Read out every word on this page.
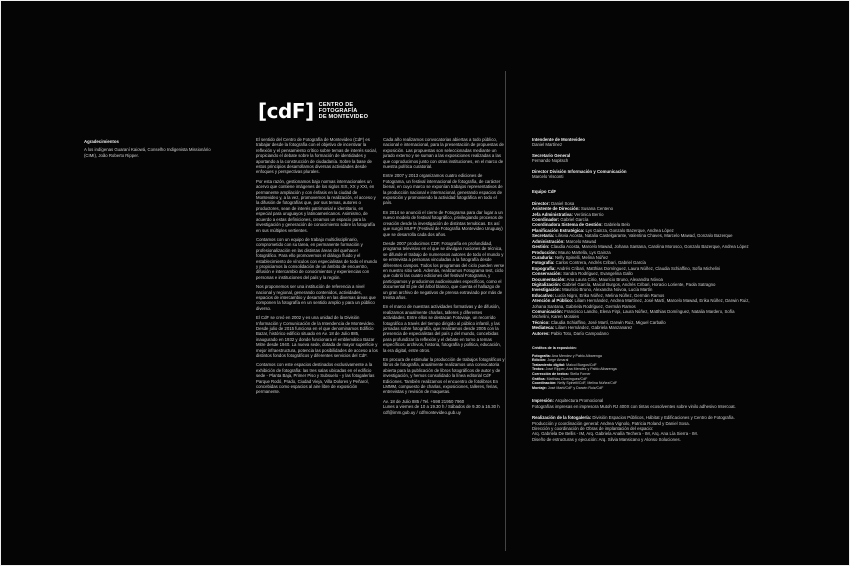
Agradecimientos

A los indígenas Guaraní Kaiowá, Conselho Indigenista Missionário (CIMI), João Roberto Ripper.

[cdF] CENTRO DE
FOTOGRAFÍA
DE MONTEVIDEO

El sentido del Centro de Fotografía de Montevideo (CdF) es trabajar desde la fotografía con el objetivo de incentivar la reflexión y el pensamiento crítico sobre temas de interés social, propiciando el debate sobre la formación de identidades y aportando a la construcción de ciudadanía. Sobre la base de estos principios desarrollamos diversas actividades desde enfoques y perspectivas plurales.

Por esta razón, gestionamos bajo normas internacionales un acervo que contiene imágenes de los siglos XIX, XX y XXI, en permanente ampliación y con énfasis en la ciudad de Montevideo y, a la vez, promovemos la realización, el acceso y la difusión de fotografías que, por sus temas, autores o productores, sean de interés patrimonial e identitario, en especial para uruguayos y latinoamericanos. Asimismo, de acuerdo a estas definiciones, creamos un espacio para la investigación y generación de conocimiento sobre la fotografía en sus múltiples vertientes.

Contamos con un equipo de trabajo multidisciplinario, comprometido con su tarea, en permanente formación y profesionalización en las distintas áreas del quehacer fotográfico. Para ello promovemos el diálogo fluido y el establecimiento de vínculos con especialistas de todo el mundo y propiciamos la consolidación de un ámbito de encuentro, difusión e intercambio de conocimientos y experiencias con personas e instituciones del país y la región.

Nos proponemos ser una institución de referencia a nivel nacional y regional, generando contenidos, actividades, espacios de intercambio y desarrollo en las diversas áreas que componen la fotografía en un sentido amplio y para un público diverso.

El CdF se creó en 2002 y es una unidad de la División Información y Comunicación de la Intendencia de Montevideo. Desde julio de 2015 funciona en el que denominamos Edificio Bazar, histórico edificio situado en Av. 18 de Julio 885, inaugurado en 1932 y donde funcionara el emblemático Bazar Mitre desde 1940. La nueva sede, dotada de mayor superficie y mejor infraestructura, potencia las posibilidades de acceso a los distintos fondos fotográficos y diferentes servicios del CdF.

Contamos con este espacios destinados exclusivamente a la exhibición de fotografía: las tres salas ubicadas en el edificio sede - Planta Baja, Primer Piso y Subsuelo - y las fotogalerías Parque Rodó, Prado, Ciudad Vieja, Villa Dolores y Peñarol, concebidas como espacios al aire libre de exposición permanente.

Cada año realizamos convocatorias abiertas a todo público, nacional e internacional, para la presentación de propuestas de exposición. Las propuestas son seleccionadas mediante un jurado externo y se suman a las exposiciones realizadas a las que coproducimos junto con otras instituciones, en el marco de nuestra política curatorial.

Entre 2007 y 2013 organizamos cuatro ediciones de Fotograma, un festival internacional de fotografía, de carácter bienal, en cuyo marco se exponían trabajos representativos de la producción nacional e internacional, generando espacios de exposición y promoviendo la actividad fotográfica en todo el país.

En 2014 se anunció el cierre de Fotograma para dar lugar a un nuevo modelo de festival fotográfico, privilegiando procesos de creación desde la investigación de distintas temáticas. Es así que surgió MUFF (Festival de Fotografía Montevideo Uruguay) que se desarrolla cada dos años.

Desde 2007 producimos CDF, Fotografía en profundidad, programa televisivo en el que se divulgan nociones de técnica, se difunde el trabajo de numerosos autores de todo el mundo y se entrevista a personas vinculadas a la fotografía desde diferentes campos. Todos los programas del ciclo pueden verse en nuestro sitio web. Además, realizamos Fotograma test, ciclo que cubrió las cuatro ediciones del festival Fotograma, y participamos y producimos audiovisuales específicos, como el documental El pie del árbol blanco, que cuenta el hallazgo de un gran archivo de negativos de prensa extraviado por más de treinta años.

En el marco de nuestras actividades formativas y de difusión, realizamos anualmente charlas, talleres y diferentes actividades. Entre ellos se destacan Fotoviaje, un recorrido fotográfico a través del tiempo dirigido al público infantil, y las jornadas sobre fotografía, que realizamos desde 2005 con la presencia de especialistas del país y del mundo, concebidas para profundizar la reflexión y el debate en torno a temas específicos: archivos, historia, fotografía y política, educación, la era digital, entre otros.

En procura de estimular la producción de trabajos fotográficos y libros de fotografía, anualmente realizamos una convocatoria abierta para la publicación de libros fotográficos de autor y de investigación, y hemos consolidado la línea editorial CdF Ediciones. También realizamos el encuentro de fotolibros En LMMM, compuesto de charlas, exposiciones, talleres, ferias, entrevistas y revisión de maquetas.

Av. 18 de Julio 885 / Tel. +598 21950 7960
Lunes a viernes de 10 a 19.30 h / Sábados de 9.30 a 16.30 h
cdf@imm.gub.uy / cdfmontevideo.gub.uy

Intendente de Montevideo
Daniel Martínez
Secretario General
Fernando Nopitsch
Director División Información y Comunicación
Marcelo Visconti
Equipo CdF
Director: Daniel Sosa
Asistente de Dirección: Susana Centeno
Jefa Administrativa: Verónica Berrio
Coordinador: Gabriel García
Coordinadora Sistema de Gestión: Gabriela Belo
Planificación Estratégica: Lys Gainza, Gonzalo Bazerque, Andrea López
Secretaría: Lilisvia Acosta, Natalia Castelgarante, Valentina Chaves, Marcelo Mawad, Gonzalo Bazerque
Administración: Marcelo Mawad
Gestión: Claudia Acosta, Marcelo Mawad, Johana Santana, Carolina Morosco, Gonzalo Bazerque, Andrea López
Producción: Mauro Martella, Lys Gainza
Curaduría: Nelly Spinelli, Melina Núñez
Fotografía: Carlos Contrera, Andrés Cribari, Gabriel García
Expografía: Andrés Cribari, Matthias Domínguez, Laura Núñez, Claudia Schiaffino, Sofía Michelini
Conservación: Sandra Rodríguez, Evangelina Gallo
Documentación: Ana Laura Cirio, Mauricio Bruno, Alexandra Nóvoa
Digitalización: Gabriel García, Maicol Burgos, Andrés Cribari, Horacio Loriente, Paola Satragno
Investigación: Mauricio Bruno, Alexandra Nóvoa, Lucía Martín
Educativo: Lucía Nigro, Erika Núñez, Melina Núñez, Germán Ramos
Atención al Público: Liliam Hernández, Andrea Martínez, José Martí, Marcelo Mawad, Erika Núñez, Darwin Ruiz, Johana Santana, Gabriela Rodríguez, Germán Ramos
Comunicación: Francisco Landro, Elena Firpi, Laura Núñez, Matthias Domínguez, Natalia Mardero, Sofía Michelini, Karen Morales
Técnico: Claudia Schiaffino, José Martí, Darwin Ruiz, Miguel Carballo
Mediateca: Liliam Hernández, Gabriela Manzanarez
Autores: Pablo Toto, Darío Campodano
Créditos de la exposición:
Fotografía: Ana Mendez y Pablo Albarenga
Edición: Jorge Amaral
Tratamiento digital: Maicol Burgos/CdF
Textos: José Ripper, Ana Mendez y Pablo Albarenga
Corrección de textos: Stella Forner
Gráfica: Matthias Domínguez/CdF
Coordinación: Nelly Spinelli/CdF, Melina Núñez/CdF
Montaje: José Martí/CdF y Darwin Ruiz/CdF
Impresión: Arquitectura Promocional
Fotografías impresas en impresora Mutoh RJ 400X con tintas ecosolventes sobre vinilo adhesivo Intercoat.
Realización de la fotogalería: División Espacios Públicos, Hábitat y Edificaciones y Centro de Fotografía.
Producción y coordinación general: Andrea Vignolo, Patricia Roland y Daniel Sosa.
Dirección y coordinación de Obras de implantación del espacio:
Arq. Gabriela De Bellis - IM, Arq. Gabriela Analía Techera - IM, Arq. Ana Lía Sierra - IM.
Diseño de estructuras y ejecución: Arq. Silvia Mansicano y Alonso Soluciones.
